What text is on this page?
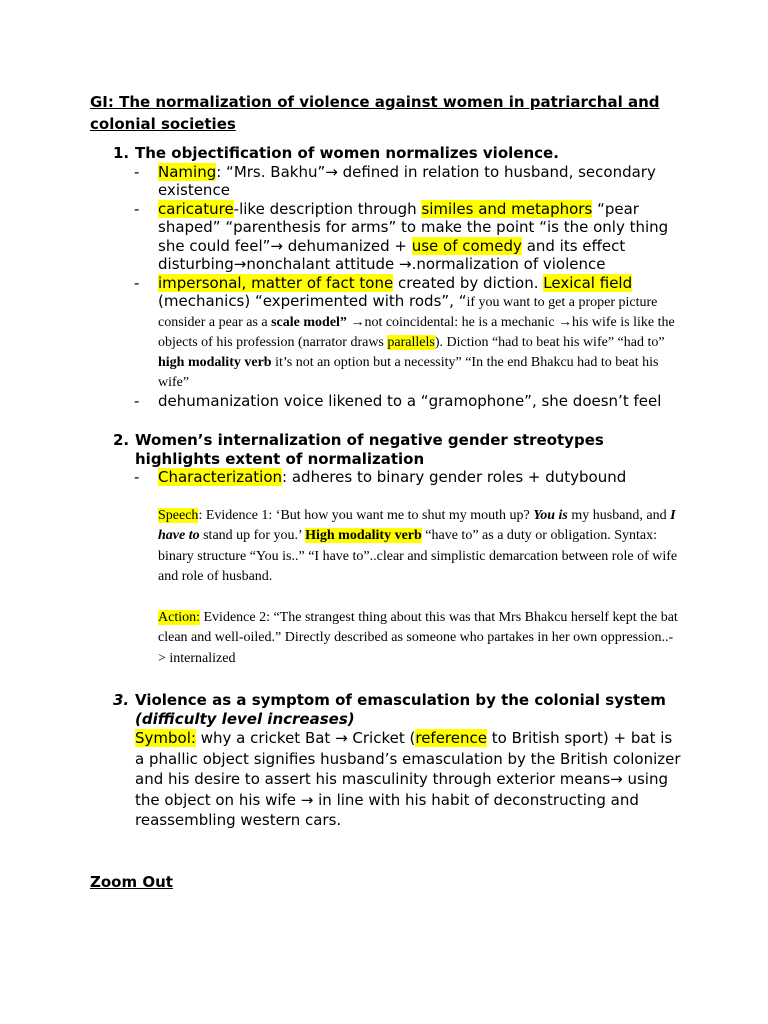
GI: The normalization of violence against women in patriarchal and colonial societies
1. The objectification of women normalizes violence.
- Naming: “Mrs. Bakhu”→ defined in relation to husband, secondary existence
- caricature-like description through similes and metaphors “pear shaped” “parenthesis for arms” to make the point “is the only thing she could feel”→ dehumanized + use of comedy and its effect disturbing→nonchalant attitude →.normalization of violence
- impersonal, matter of fact tone created by diction. Lexical field (mechanics) “experimented with rods”, “if you want to get a proper picture consider a pear as a scale model” →not coincidental: he is a mechanic →his wife is like the objects of his profession (narrator draws parallels). Diction “had to beat his wife” “had to” high modality verb it’s not an option but a necessity” “In the end Bhakcu had to beat his wife”
- dehumanization voice likened to a “gramophone”, she doesn’t feel
2. Women’s internalization of negative gender streotypes highlights extent of normalization
- Characterization: adheres to binary gender roles + dutybound
Speech: Evidence 1: ‘But how you want me to shut my mouth up? You is my husband, and I have to stand up for you.’ High modality verb “have to” as a duty or obligation. Syntax: binary structure “You is..” “I have to”..clear and simplistic demarcation between role of wife and role of husband.
Action: Evidence 2: “The strangest thing about this was that Mrs Bhakcu herself kept the bat clean and well-oiled.” Directly described as someone who partakes in her own oppression..-> internalized
3. Violence as a symptom of emasculation by the colonial system
(difficulty level increases)
Symbol: why a cricket Bat → Cricket (reference to British sport) + bat is a phallic object signifies husband’s emasculation by the British colonizer and his desire to assert his masculinity through exterior means→ using the object on his wife → in line with his habit of deconstructing and reassembling western cars.
Zoom Out
